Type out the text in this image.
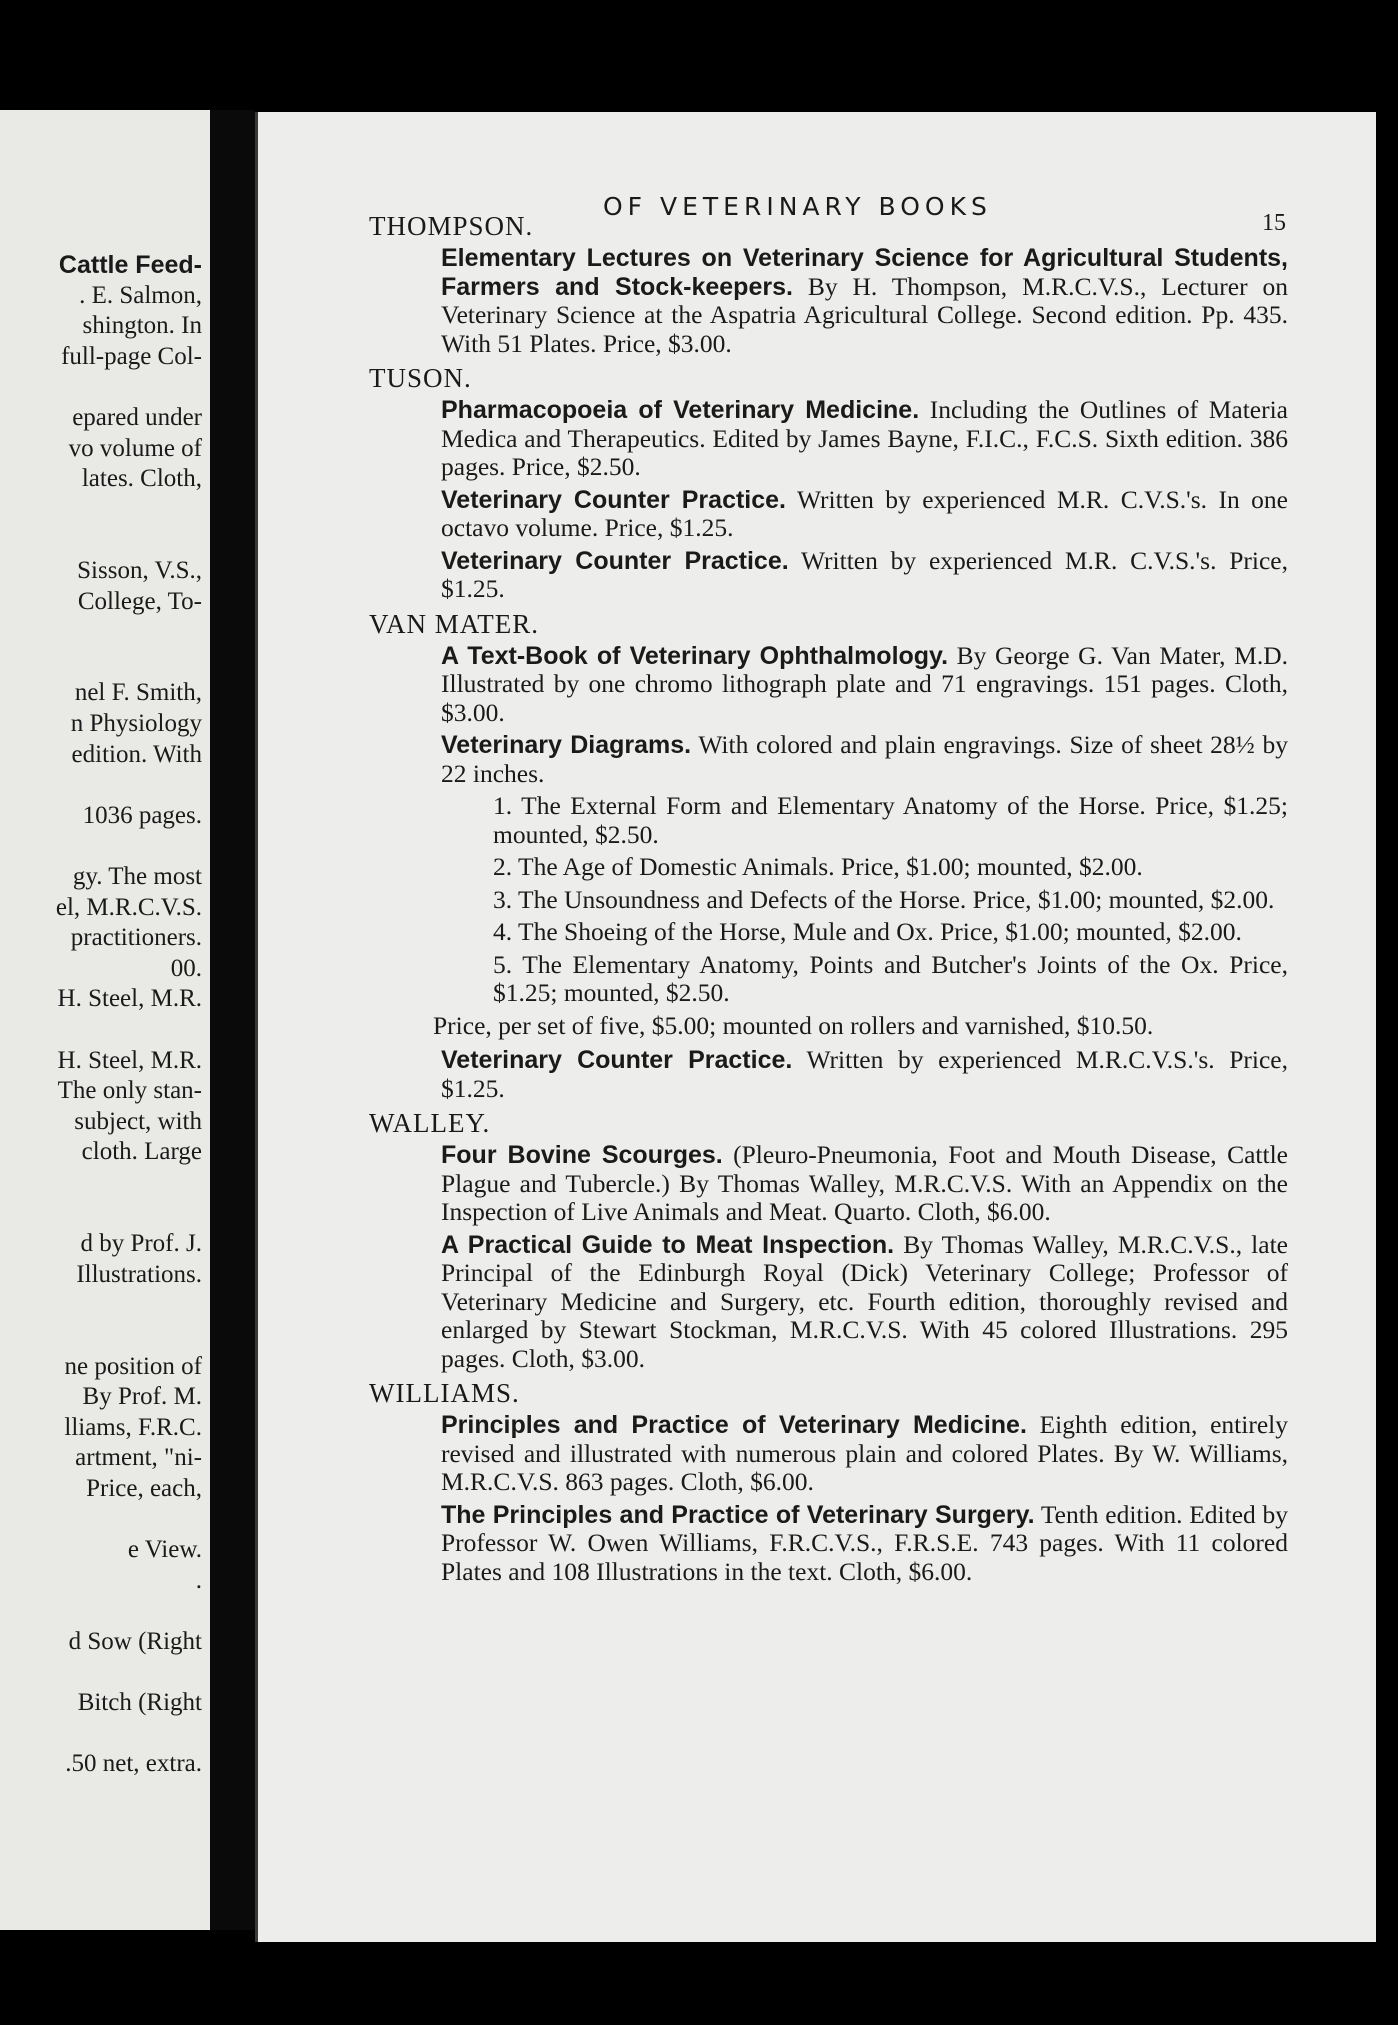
Cattle Feed-
. E. Salmon,
shington. In
full-page Col-
epared under
vo volume of
lates. Cloth,
Sisson, V.S.,
College, To-
nel F. Smith,
n Physiology
edition. With
1036 pages.
gy. The most
el, M.R.C.V.S.
practitioners.
00.
H. Steel, M.R.
H. Steel, M.R.
The only stan-
subject, with
cloth. Large
d by Prof. J.
Illustrations.
ne position of
By Prof. M.
lliams, F.R.C.
artment, "ni-
Price, each,
e View.
.
d Sow (Right
Bitch (Right
.50 net, extra.
OF VETERINARY BOOKS
15
THOMPSON.
Elementary Lectures on Veterinary Science for Agricultural Students, Farmers and Stock-keepers. By H. Thompson, M.R.C.V.S., Lecturer on Veterinary Science at the Aspatria Agricultural College. Second edition. Pp. 435. With 51 Plates. Price, $3.00.
TUSON.
Pharmacopoeia of Veterinary Medicine. Including the Outlines of Materia Medica and Therapeutics. Edited by James Bayne, F.I.C., F.C.S. Sixth edition. 386 pages. Price, $2.50.
Veterinary Counter Practice. Written by experienced M.R. C.V.S.'s. In one octavo volume. Price, $1.25.
Veterinary Counter Practice. Written by experienced M.R. C.V.S.'s. Price, $1.25.
VAN MATER.
A Text-Book of Veterinary Ophthalmology. By George G. Van Mater, M.D. Illustrated by one chromo lithograph plate and 71 engravings. 151 pages. Cloth, $3.00.
Veterinary Diagrams. With colored and plain engravings. Size of sheet 28½ by 22 inches.
1. The External Form and Elementary Anatomy of the Horse. Price, $1.25; mounted, $2.50.
2. The Age of Domestic Animals. Price, $1.00; mounted, $2.00.
3. The Unsoundness and Defects of the Horse. Price, $1.00; mounted, $2.00.
4. The Shoeing of the Horse, Mule and Ox. Price, $1.00; mounted, $2.00.
5. The Elementary Anatomy, Points and Butcher's Joints of the Ox. Price, $1.25; mounted, $2.50.
Price, per set of five, $5.00; mounted on rollers and varnished, $10.50.
Veterinary Counter Practice. Written by experienced M.R.C.V.S.'s. Price, $1.25.
WALLEY.
Four Bovine Scourges. (Pleuro-Pneumonia, Foot and Mouth Disease, Cattle Plague and Tubercle.) By Thomas Walley, M.R.C.V.S. With an Appendix on the Inspection of Live Animals and Meat. Quarto. Cloth, $6.00.
A Practical Guide to Meat Inspection. By Thomas Walley, M.R.C.V.S., late Principal of the Edinburgh Royal (Dick) Veterinary College; Professor of Veterinary Medicine and Surgery, etc. Fourth edition, thoroughly revised and enlarged by Stewart Stockman, M.R.C.V.S. With 45 colored Illustrations. 295 pages. Cloth, $3.00.
WILLIAMS.
Principles and Practice of Veterinary Medicine. Eighth edition, entirely revised and illustrated with numerous plain and colored Plates. By W. Williams, M.R.C.V.S. 863 pages. Cloth, $6.00.
The Principles and Practice of Veterinary Surgery. Tenth edition. Edited by Professor W. Owen Williams, F.R.C.V.S., F.R.S.E. 743 pages. With 11 colored Plates and 108 Illustrations in the text. Cloth, $6.00.
